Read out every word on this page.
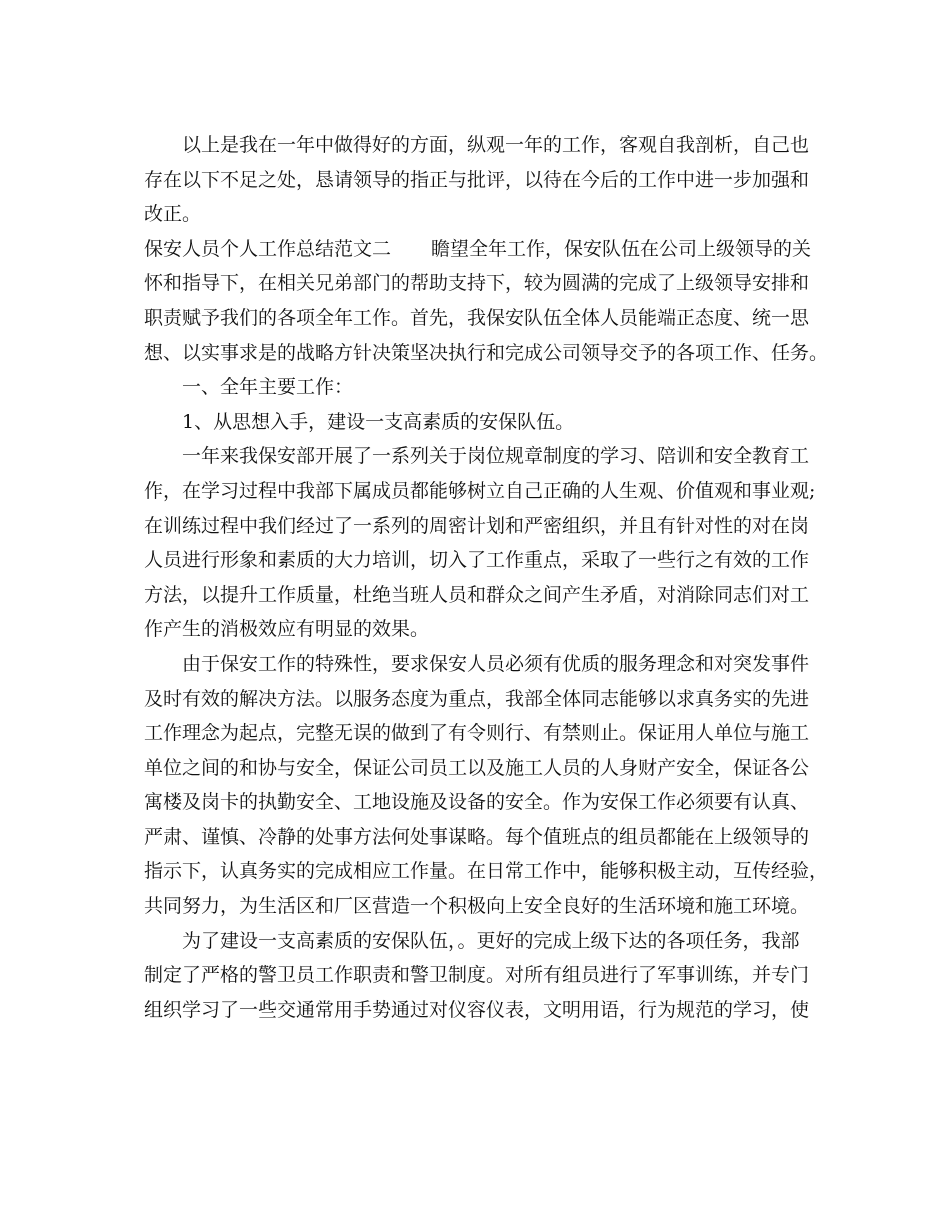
以上是我在一年中做得好的方面，纵观一年的工作，客观自我剖析，自己也
存在以下不足之处，恳请领导的指正与批评，以待在今后的工作中进一步加强和
改正。
保安人员个人工作总结范文二 瞻望全年工作，保安队伍在公司上级领导的关
怀和指导下，在相关兄弟部门的帮助支持下，较为圆满的完成了上级领导安排和
职责赋予我们的各项全年工作。首先，我保安队伍全体人员能端正态度、统一思
想、以实事求是的战略方针决策坚决执行和完成公司领导交予的各项工作、任务。
一、全年主要工作：
1、从思想入手，建设一支高素质的安保队伍。
一年来我保安部开展了一系列关于岗位规章制度的学习、陪训和安全教育工
作，在学习过程中我部下属成员都能够树立自己正确的人生观、价值观和事业观;
在训练过程中我们经过了一系列的周密计划和严密组织，并且有针对性的对在岗
人员进行形象和素质的大力培训，切入了工作重点，采取了一些行之有效的工作
方法，以提升工作质量，杜绝当班人员和群众之间产生矛盾，对消除同志们对工
作产生的消极效应有明显的效果。
由于保安工作的特殊性，要求保安人员必须有优质的服务理念和对突发事件
及时有效的解决方法。以服务态度为重点，我部全体同志能够以求真务实的先进
工作理念为起点，完整无误的做到了有令则行、有禁则止。保证用人单位与施工
单位之间的和协与安全，保证公司员工以及施工人员的人身财产安全，保证各公
寓楼及岗卡的执勤安全、工地设施及设备的安全。作为安保工作必须要有认真、
严肃、谨慎、冷静的处事方法何处事谋略。每个值班点的组员都能在上级领导的
指示下，认真务实的完成相应工作量。在日常工作中，能够积极主动，互传经验，
共同努力，为生活区和厂区营造一个积极向上安全良好的生活环境和施工环境。
为了建设一支高素质的安保队伍，。更好的完成上级下达的各项任务，我部
制定了严格的警卫员工作职责和警卫制度。对所有组员进行了军事训练，并专门
组织学习了一些交通常用手势通过对仪容仪表，文明用语，行为规范的学习，使
